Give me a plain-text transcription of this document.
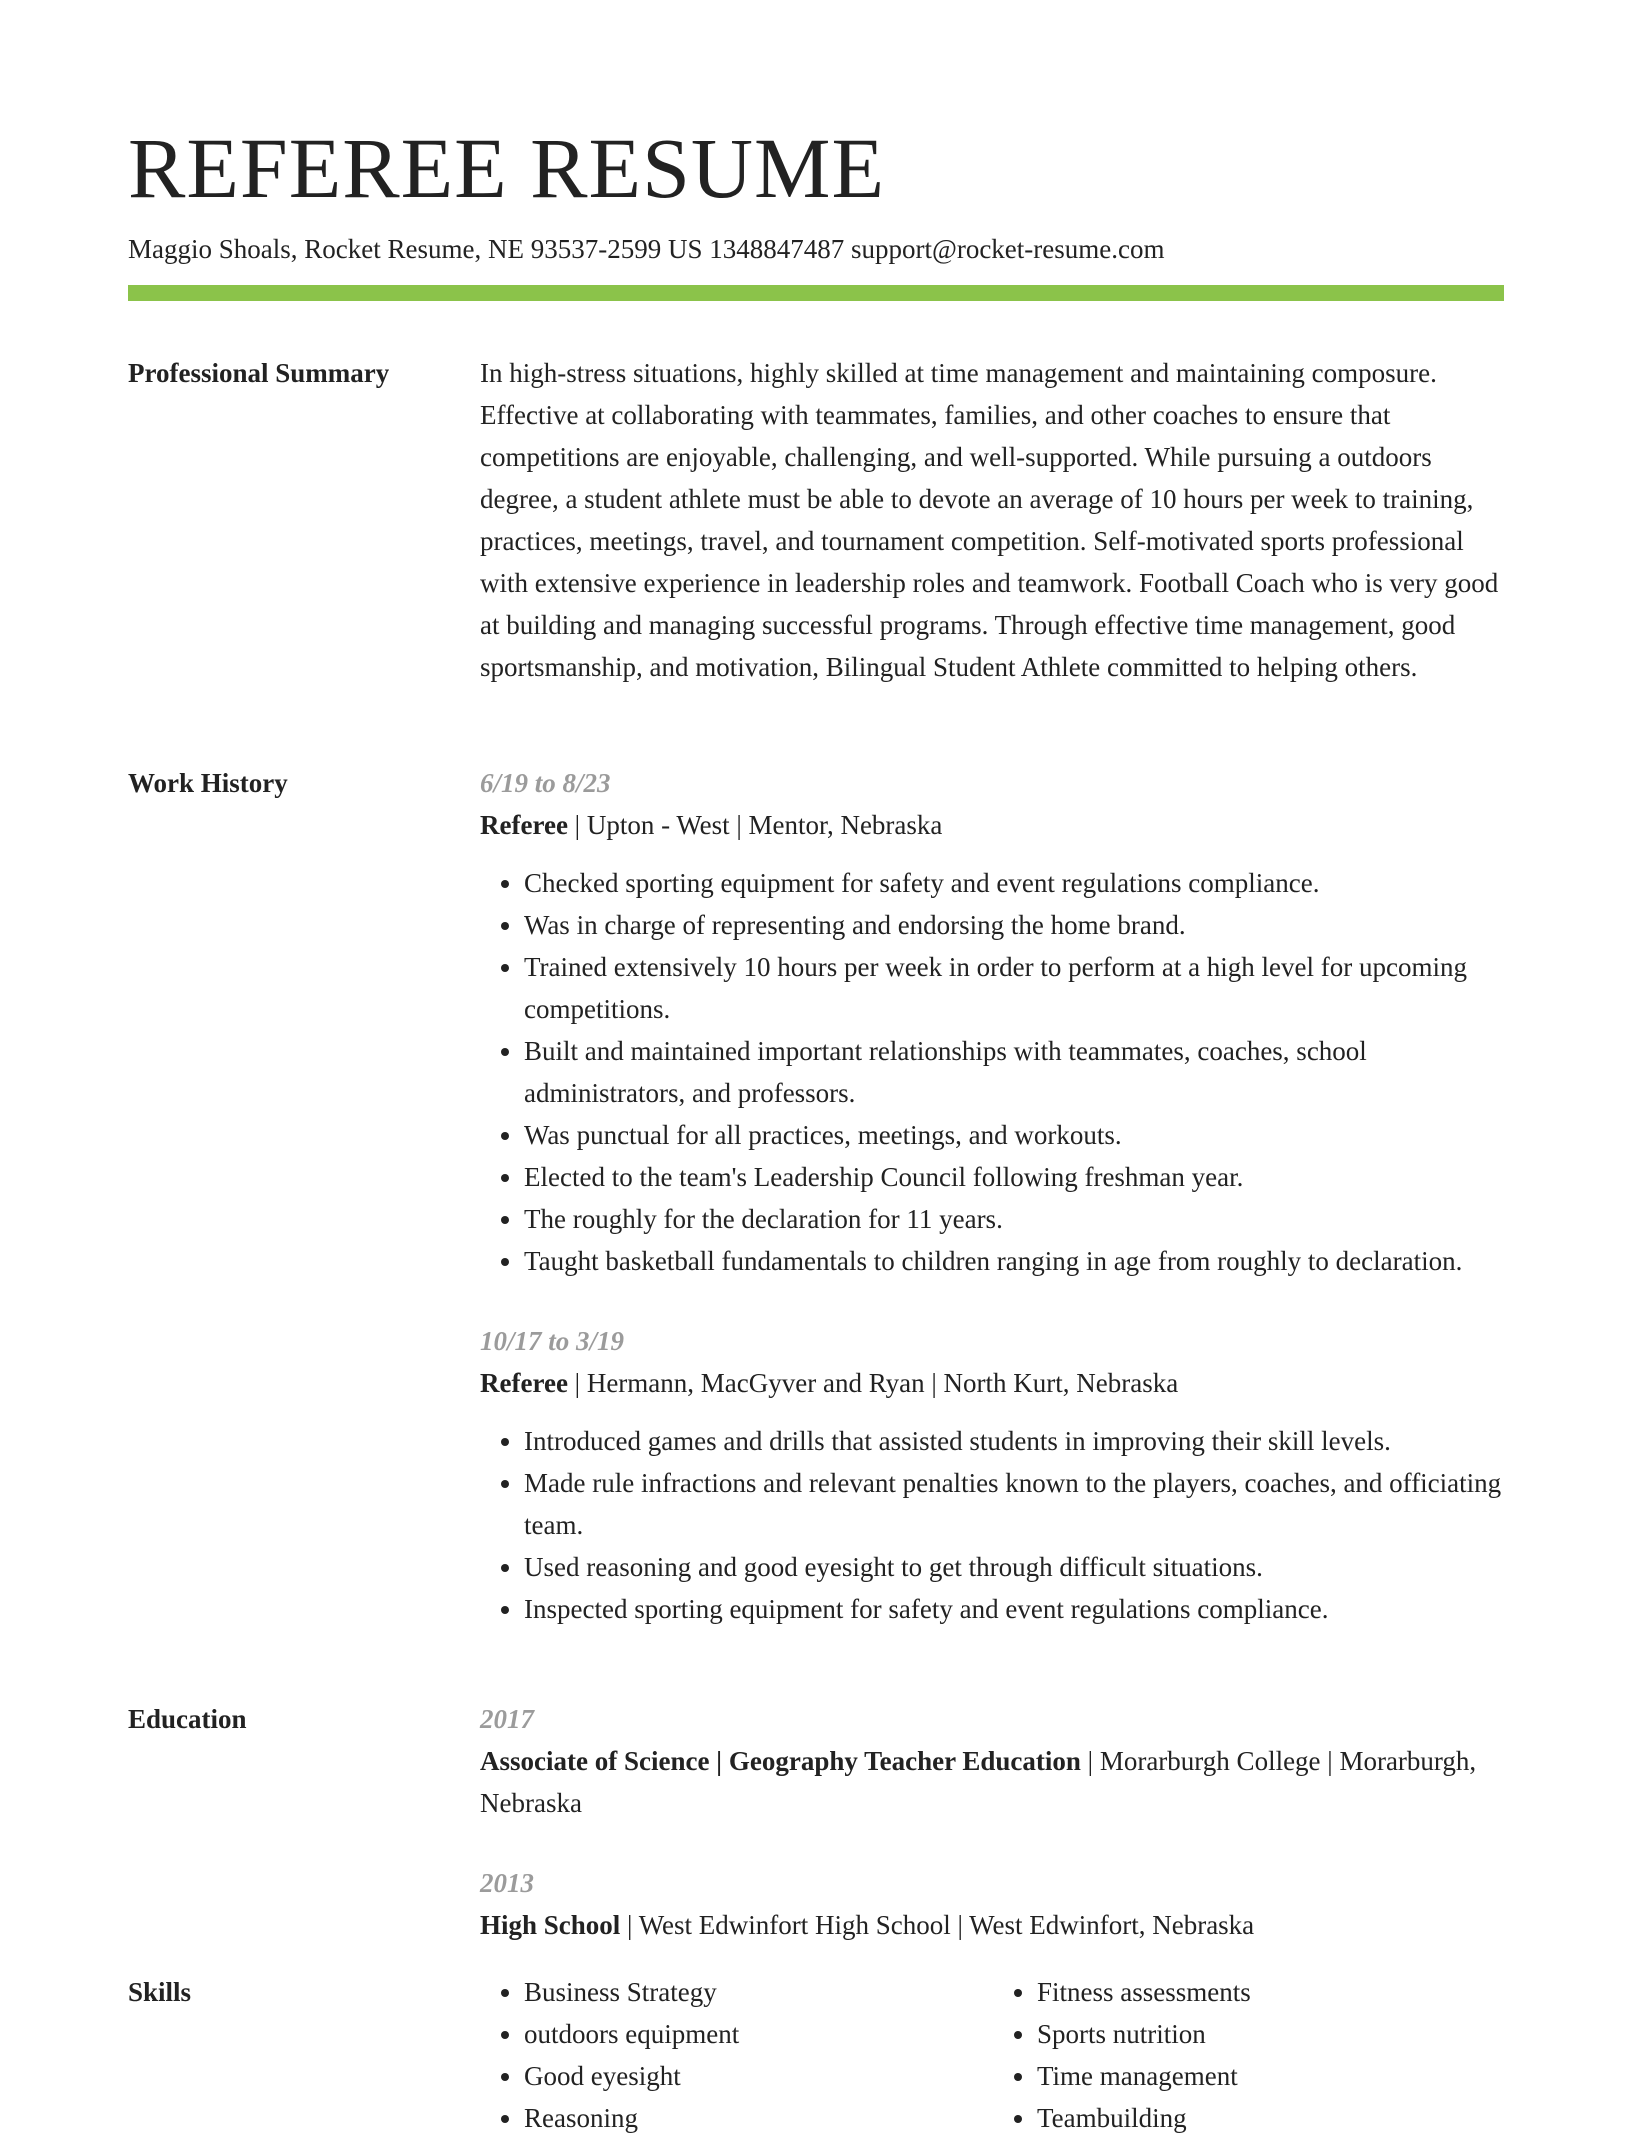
REFEREE RESUME
Maggio Shoals, Rocket Resume, NE 93537-2599 US 1348847487 support@rocket-resume.com
Professional Summary	In high-stress situations, highly skilled at time management and maintaining composure. Effective at collaborating with teammates, families, and other coaches to ensure that competitions are enjoyable, challenging, and well-supported. While pursuing a outdoors degree, a student athlete must be able to devote an average of 10 hours per week to training, practices, meetings, travel, and tournament competition. Self-motivated sports professional with extensive experience in leadership roles and teamwork. Football Coach who is very good at building and managing successful programs. Through effective time management, good sportsmanship, and motivation, Bilingual Student Athlete committed to helping others.

Work History	6/19 to 8/23
Referee | Upton - West | Mentor, Nebraska
• Checked sporting equipment for safety and event regulations compliance.
• Was in charge of representing and endorsing the home brand.
• Trained extensively 10 hours per week in order to perform at a high level for upcoming competitions.
• Built and maintained important relationships with teammates, coaches, school administrators, and professors.
• Was punctual for all practices, meetings, and workouts.
• Elected to the team's Leadership Council following freshman year.
• The roughly for the declaration for 11 years.
• Taught basketball fundamentals to children ranging in age from roughly to declaration.
10/17 to 3/19
Referee | Hermann, MacGyver and Ryan | North Kurt, Nebraska
• Introduced games and drills that assisted students in improving their skill levels.
• Made rule infractions and relevant penalties known to the players, coaches, and officiating team.
• Used reasoning and good eyesight to get through difficult situations.
• Inspected sporting equipment for safety and event regulations compliance.
Education	2017
Associate of Science | Geography Teacher Education | Morarburgh College | Morarburgh, Nebraska
2013
High School | West Edwinfort High School | West Edwinfort, Nebraska
Skills
•	Business Strategy
• outdoors equipment
• Good eyesight
• Reasoning
• Fitness assessments
• Sports nutrition
• Time management
• Teambuilding
